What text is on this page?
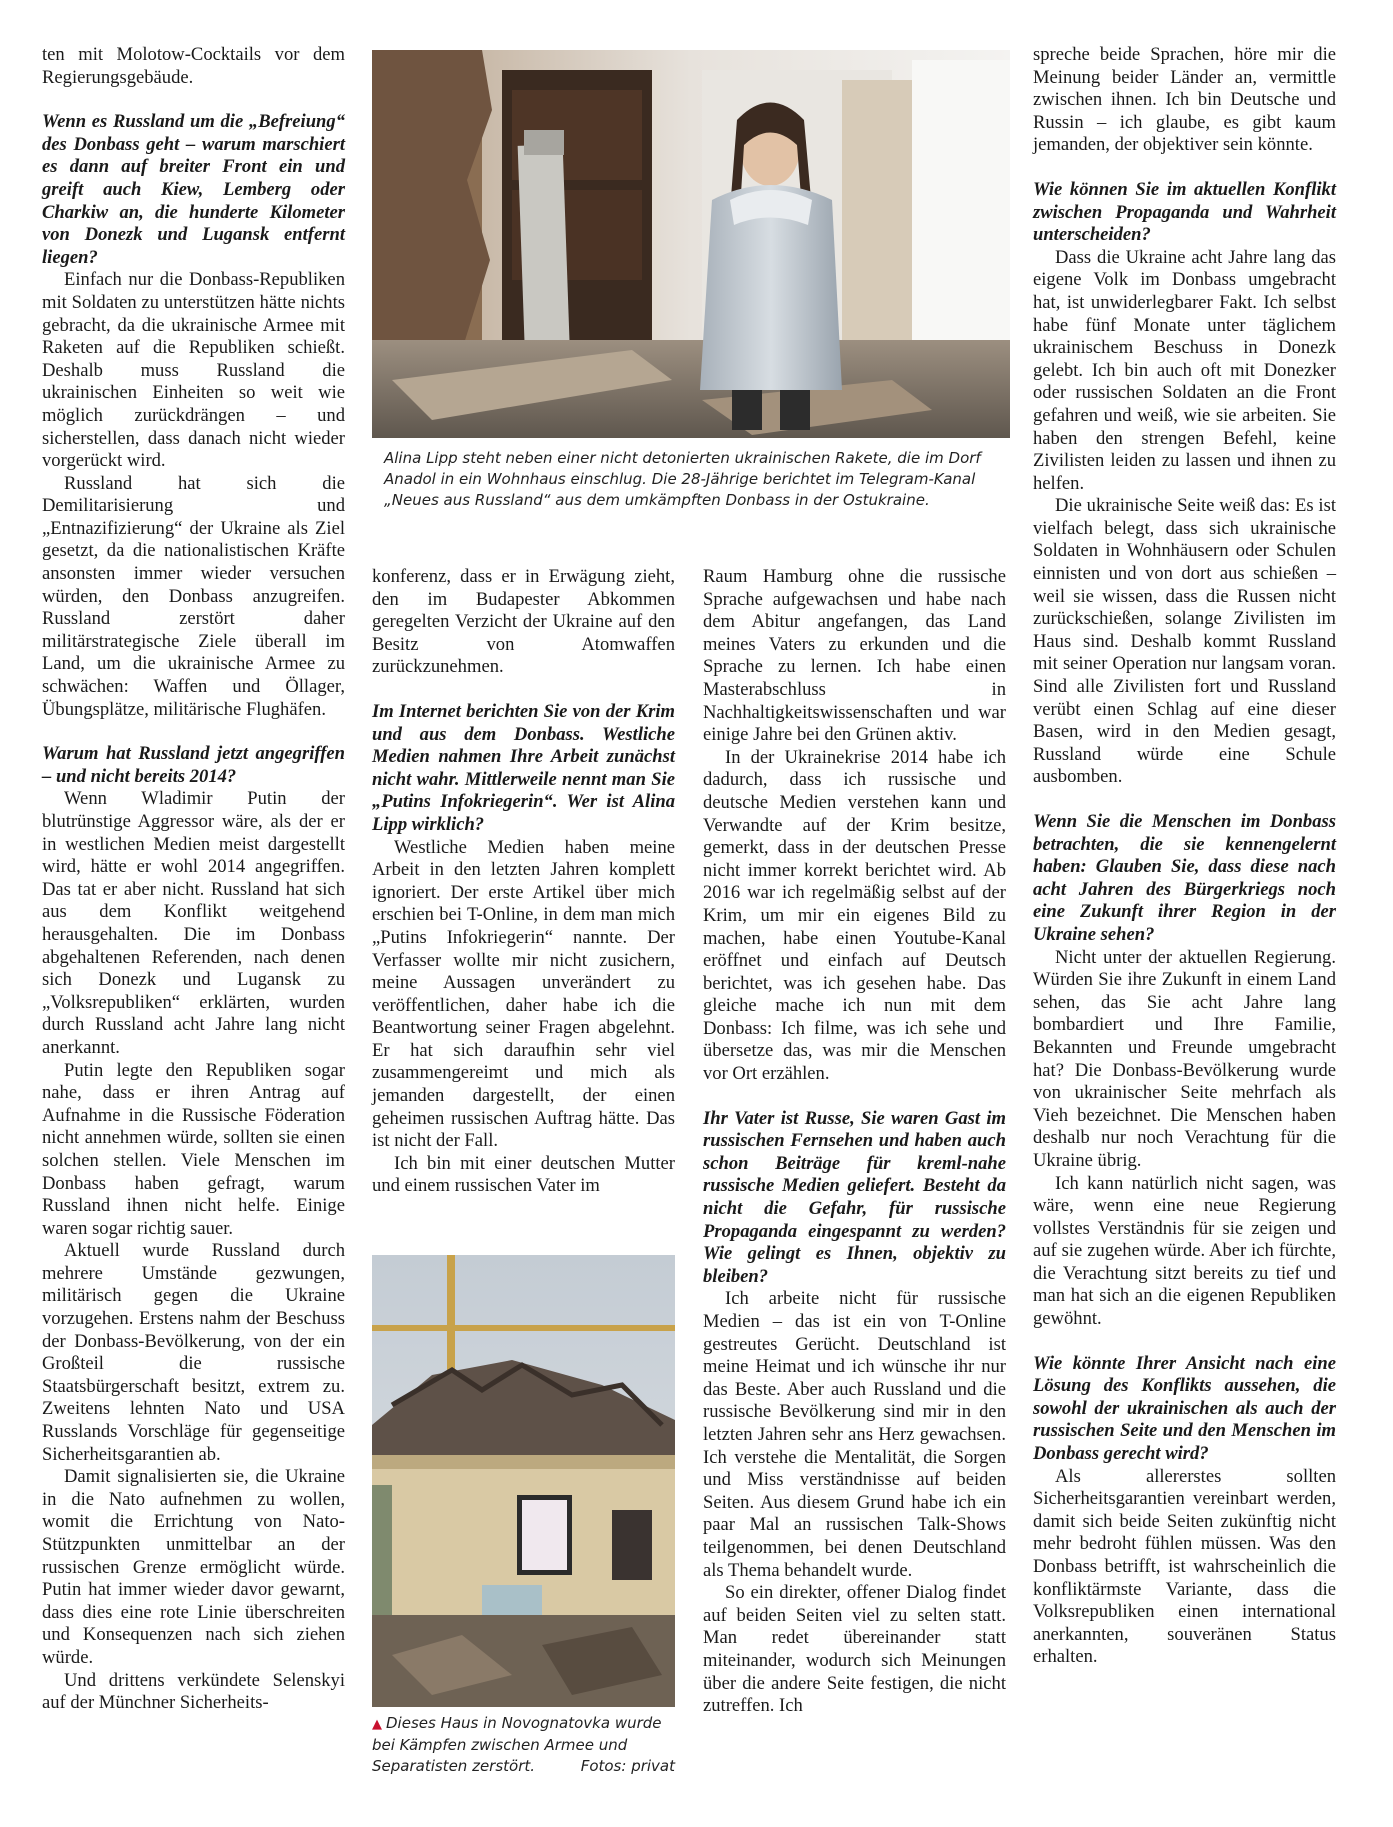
ten mit Molotow-Cocktails vor dem Regierungsgebäude.

Wenn es Russland um die „Befreiung“ des Donbass geht – warum marschiert es dann auf breiter Front ein und greift auch Kiew, Lemberg oder Charkiw an, die hunderte Kilometer von Donezk und Lugansk entfernt liegen?

Einfach nur die Donbass-Republiken mit Soldaten zu unterstützen hätte nichts gebracht, da die ukrainische Armee mit Raketen auf die Republiken schießt. Deshalb muss Russland die ukrainischen Einheiten so weit wie möglich zurückdrängen – und sicherstellen, dass danach nicht wieder vorgerückt wird.

Russland hat sich die Demilitarisierung und „Entnazifizierung“ der Ukraine als Ziel gesetzt, da die nationalistischen Kräfte ansonsten immer wieder versuchen würden, den Donbass anzugreifen. Russland zerstört daher militärstrategische Ziele überall im Land, um die ukrainische Armee zu schwächen: Waffen und Öllager, Übungsplätze, militärische Flughäfen.

Warum hat Russland jetzt angegriffen – und nicht bereits 2014?

Wenn Wladimir Putin der blutrünstige Aggressor wäre, als der er in westlichen Medien meist dargestellt wird, hätte er wohl 2014 angegriffen. Das tat er aber nicht. Russland hat sich aus dem Konflikt weitgehend herausgehalten. Die im Donbass abgehaltenen Referenden, nach denen sich Donezk und Lugansk zu „Volksrepubliken“ erklärten, wurden durch Russland acht Jahre lang nicht anerkannt.

Putin legte den Republiken sogar nahe, dass er ihren Antrag auf Aufnahme in die Russische Föderation nicht annehmen würde, sollten sie einen solchen stellen. Viele Menschen im Donbass haben gefragt, warum Russland ihnen nicht helfe. Einige waren sogar richtig sauer.

Aktuell wurde Russland durch mehrere Umstände gezwungen, militärisch gegen die Ukraine vorzugehen. Erstens nahm der Beschuss der Donbass-Bevölkerung, von der ein Großteil die russische Staatsbürgerschaft besitzt, extrem zu. Zweitens lehnten Nato und USA Russlands Vorschläge für gegenseitige Sicherheitsgarantien ab.

Damit signalisierten sie, die Ukraine in die Nato aufnehmen zu wollen, womit die Errichtung von Nato-Stützpunkten unmittelbar an der russischen Grenze ermöglicht würde. Putin hat immer wieder davor gewarnt, dass dies eine rote Linie überschreiten und Konsequenzen nach sich ziehen würde.

Und drittens verkündete Selenskyi auf der Münchner Sicherheits-

Alina Lipp steht neben einer nicht detonierten ukrainischen Rakete, die im Dorf Anadol in ein Wohnhaus einschlug. Die 28-Jährige berichtet im Telegram-Kanal „Neues aus Russland“ aus dem umkämpften Donbass in der Ostukraine.

konferenz, dass er in Erwägung zieht, den im Budapester Abkommen geregelten Verzicht der Ukraine auf den Besitz von Atomwaffen zurückzunehmen.

Im Internet berichten Sie von der Krim und aus dem Donbass. Westliche Medien nahmen Ihre Arbeit zunächst nicht wahr. Mittlerweile nennt man Sie „Putins Infokriegerin“. Wer ist Alina Lipp wirklich?

Westliche Medien haben meine Arbeit in den letzten Jahren komplett ignoriert. Der erste Artikel über mich erschien bei T-Online, in dem man mich „Putins Infokriegerin“ nannte. Der Verfasser wollte mir nicht zusichern, meine Aussagen unverändert zu veröffentlichen, daher habe ich die Beantwortung seiner Fragen abgelehnt. Er hat sich daraufhin sehr viel zusammengereimt und mich als jemanden dargestellt, der einen geheimen russischen Auftrag hätte. Das ist nicht der Fall.

Ich bin mit einer deutschen Mutter und einem russischen Vater im

▲ Dieses Haus in Novognatovka wurde bei Kämpfen zwischen Armee und Separatisten zerstört.	Fotos: privat

Raum Hamburg ohne die russische Sprache aufgewachsen und habe nach dem Abitur angefangen, das Land meines Vaters zu erkunden und die Sprache zu lernen. Ich habe einen Masterabschluss in Nachhaltigkeitswissenschaften und war einige Jahre bei den Grünen aktiv.

In der Ukrainekrise 2014 habe ich dadurch, dass ich russische und deutsche Medien verstehen kann und Verwandte auf der Krim besitze, gemerkt, dass in der deutschen Presse nicht immer korrekt berichtet wird. Ab 2016 war ich regelmäßig selbst auf der Krim, um mir ein eigenes Bild zu machen, habe einen Youtube-Kanal eröffnet und einfach auf Deutsch berichtet, was ich gesehen habe. Das gleiche mache ich nun mit dem Donbass: Ich filme, was ich sehe und übersetze das, was mir die Menschen vor Ort erzählen.

Ihr Vater ist Russe, Sie waren Gast im russischen Fernsehen und haben auch schon Beiträge für kreml-nahe russische Medien geliefert. Besteht da nicht die Gefahr, für russische Propaganda eingespannt zu werden? Wie gelingt es Ihnen, objektiv zu bleiben?

Ich arbeite nicht für russische Medien – das ist ein von T-Online gestreutes Gerücht. Deutschland ist meine Heimat und ich wünsche ihr nur das Beste. Aber auch Russland und die russische Bevölkerung sind mir in den letzten Jahren sehr ans Herz gewachsen. Ich verstehe die Mentalität, die Sorgen und Miss verständnisse auf beiden Seiten. Aus diesem Grund habe ich ein paar Mal an russischen Talk-Shows teilgenommen, bei denen Deutschland als Thema behandelt wurde.

So ein direkter, offener Dialog findet auf beiden Seiten viel zu selten statt. Man redet übereinander statt miteinander, wodurch sich Meinungen über die andere Seite festigen, die nicht zutreffen. Ich

spreche beide Sprachen, höre mir die Meinung beider Länder an, vermittle zwischen ihnen. Ich bin Deutsche und Russin – ich glaube, es gibt kaum jemanden, der objektiver sein könnte.

Wie können Sie im aktuellen Konflikt zwischen Propaganda und Wahrheit unterscheiden?

Dass die Ukraine acht Jahre lang das eigene Volk im Donbass umgebracht hat, ist unwiderlegbarer Fakt. Ich selbst habe fünf Monate unter täglichem ukrainischem Beschuss in Donezk gelebt. Ich bin auch oft mit Donezker oder russischen Soldaten an die Front gefahren und weiß, wie sie arbeiten. Sie haben den strengen Befehl, keine Zivilisten leiden zu lassen und ihnen zu helfen.

Die ukrainische Seite weiß das: Es ist vielfach belegt, dass sich ukrainische Soldaten in Wohnhäusern oder Schulen einnisten und von dort aus schießen – weil sie wissen, dass die Russen nicht zurückschießen, solange Zivilisten im Haus sind. Deshalb kommt Russland mit seiner Operation nur langsam voran. Sind alle Zivilisten fort und Russland verübt einen Schlag auf eine dieser Basen, wird in den Medien gesagt, Russland würde eine Schule ausbomben.

Wenn Sie die Menschen im Donbass betrachten, die sie kennengelernt haben: Glauben Sie, dass diese nach acht Jahren des Bürgerkriegs noch eine Zukunft ihrer Region in der Ukraine sehen?

Nicht unter der aktuellen Regierung. Würden Sie ihre Zukunft in einem Land sehen, das Sie acht Jahre lang bombardiert und Ihre Familie, Bekannten und Freunde umgebracht hat? Die Donbass-Bevölkerung wurde von ukrainischer Seite mehrfach als Vieh bezeichnet. Die Menschen haben deshalb nur noch Verachtung für die Ukraine übrig.

Ich kann natürlich nicht sagen, was wäre, wenn eine neue Regierung vollstes Verständnis für sie zeigen und auf sie zugehen würde. Aber ich fürchte, die Verachtung sitzt bereits zu tief und man hat sich an die eigenen Republiken gewöhnt.

Wie könnte Ihrer Ansicht nach eine Lösung des Konflikts aussehen, die sowohl der ukrainischen als auch der russischen Seite und den Menschen im Donbass gerecht wird?

Als allererstes sollten Sicherheitsgarantien vereinbart werden, damit sich beide Seiten zukünftig nicht mehr bedroht fühlen müssen. Was den Donbass betrifft, ist wahrscheinlich die konfliktärmste Variante, dass die Volksrepubliken einen international anerkannten, souveränen Status erhalten.
